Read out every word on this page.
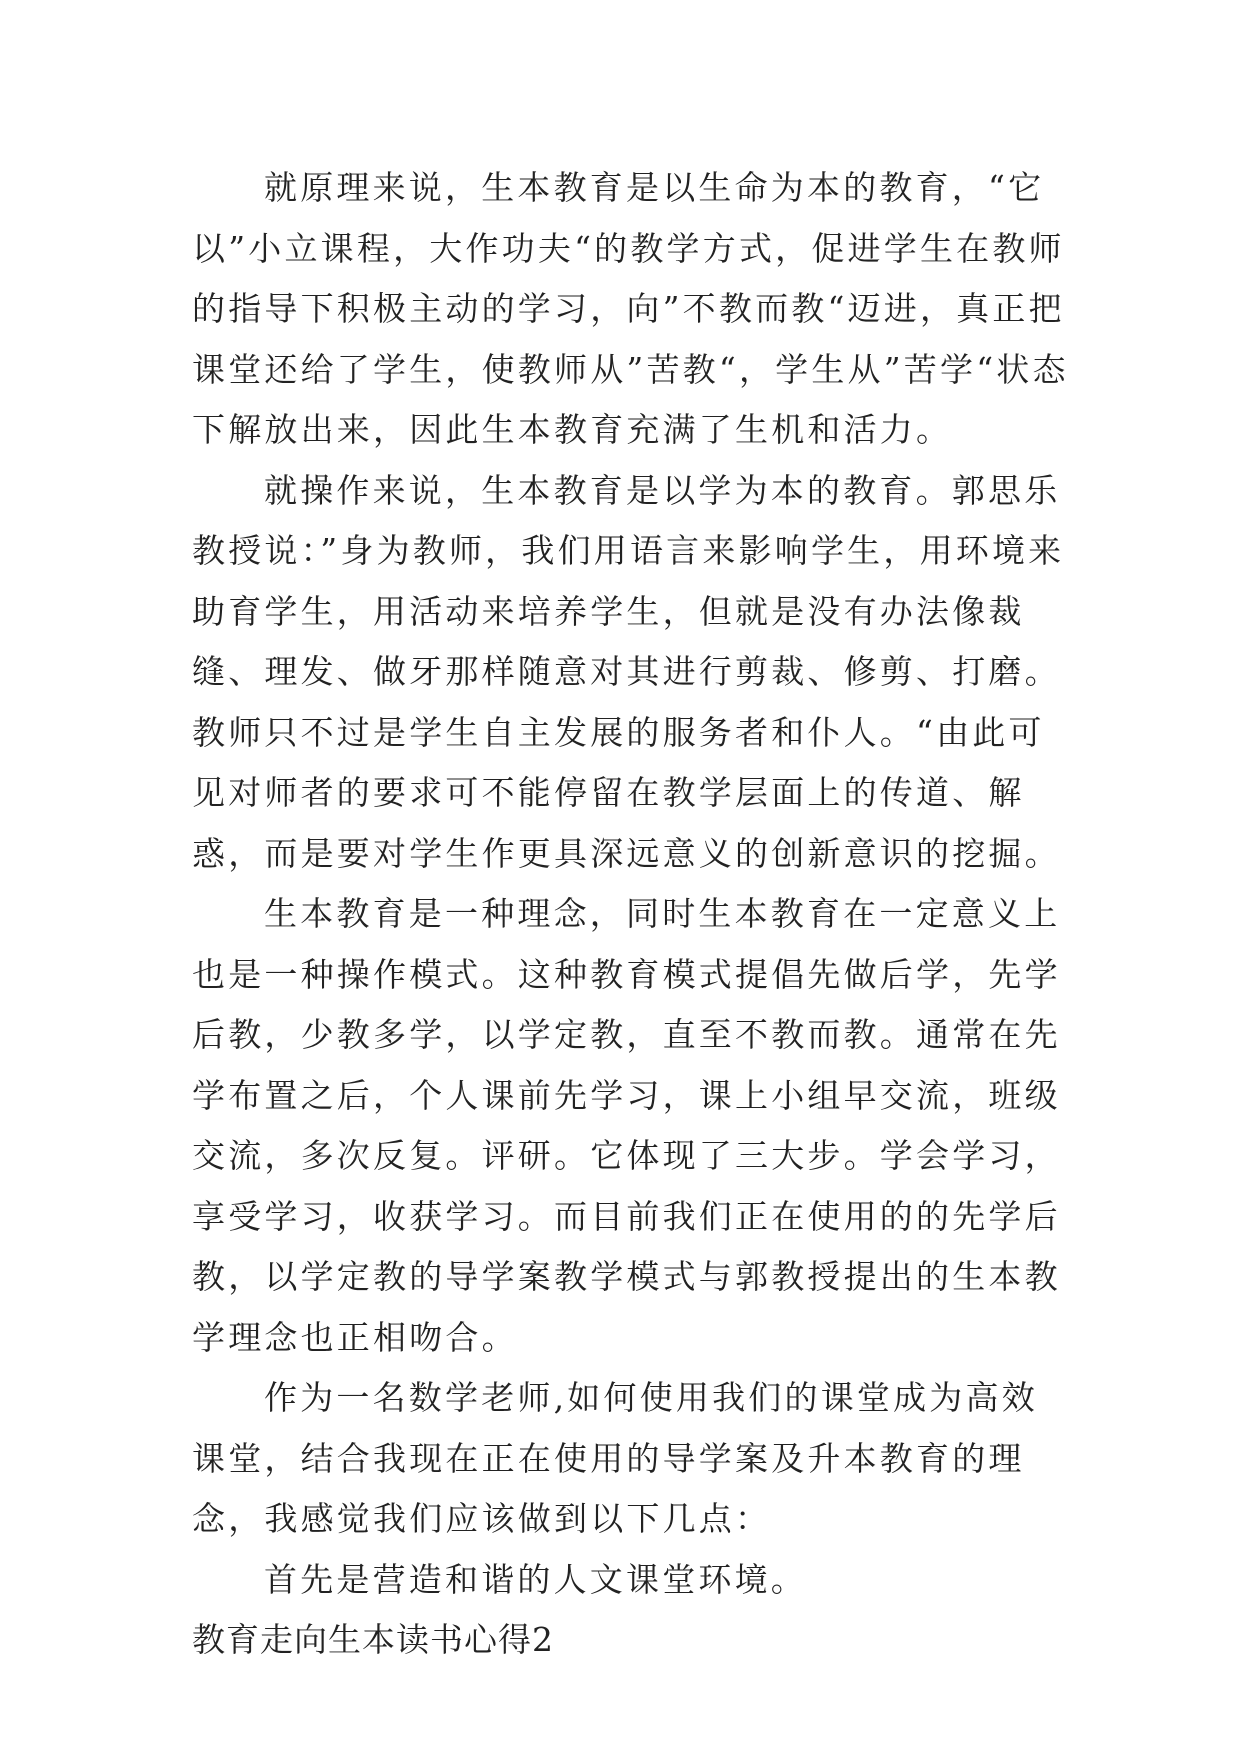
就原理来说，生本教育是以生命为本的教育，“它以”小立课程，大作功夫“的教学方式，促进学生在教师的指导下积极主动的学习，向”不教而教“迈进，真正把课堂还给了学生，使教师从”苦教“，学生从”苦学“状态下解放出来，因此生本教育充满了生机和活力。

就操作来说，生本教育是以学为本的教育。郭思乐教授说：”身为教师，我们用语言来影响学生，用环境来助育学生，用活动来培养学生，但就是没有办法像裁缝、理发、做牙那样随意对其进行剪裁、修剪、打磨。教师只不过是学生自主发展的服务者和仆人。“由此可见对师者的要求可不能停留在教学层面上的传道、解惑，而是要对学生作更具深远意义的创新意识的挖掘。

生本教育是一种理念，同时生本教育在一定意义上也是一种操作模式。这种教育模式提倡先做后学，先学后教，少教多学，以学定教，直至不教而教。通常在先学布置之后，个人课前先学习，课上小组早交流，班级交流，多次反复。评研。它体现了三大步。学会学习，享受学习，收获学习。而目前我们正在使用的的先学后教，以学定教的导学案教学模式与郭教授提出的生本教学理念也正相吻合。

作为一名数学老师,如何使用我们的课堂成为高效课堂，结合我现在正在使用的导学案及升本教育的理念，我感觉我们应该做到以下几点：

首先是营造和谐的人文课堂环境。

教育走向生本读书心得2
